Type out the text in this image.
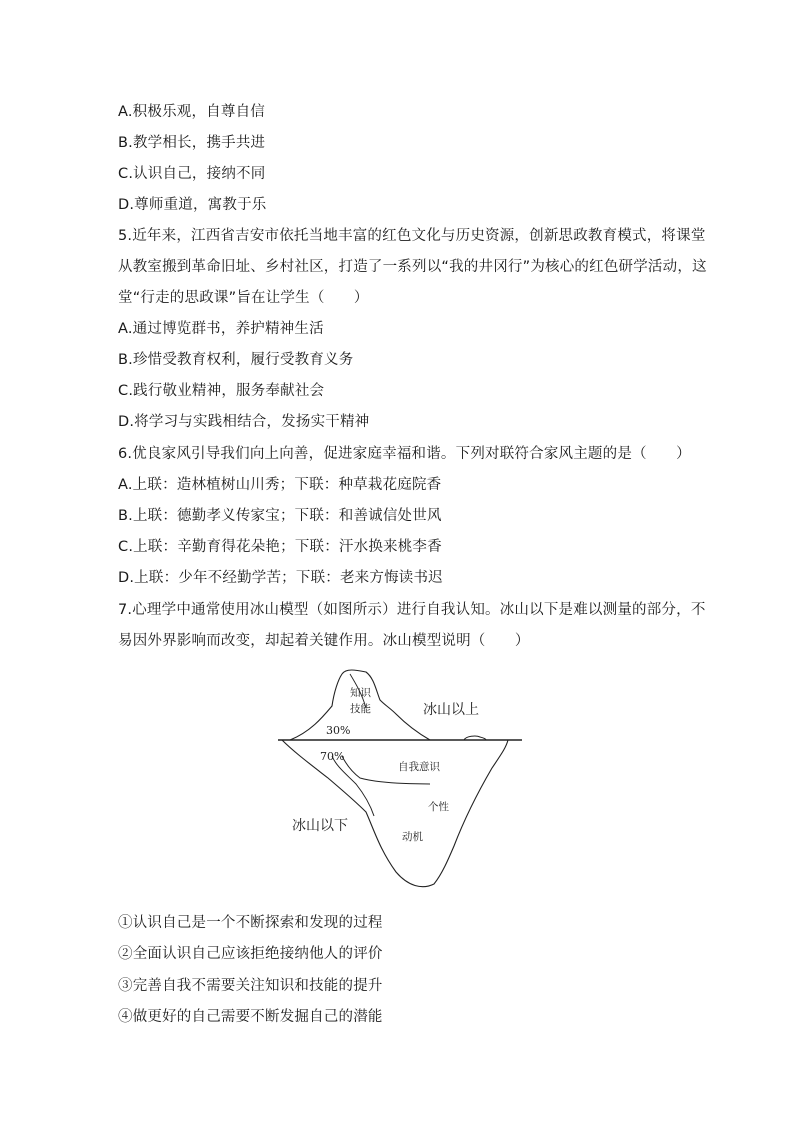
A.积极乐观，自尊自信
B.教学相长，携手共进
C.认识自己，接纳不同
D.尊师重道，寓教于乐
5.近年来，江西省吉安市依托当地丰富的红色文化与历史资源，创新思政教育模式，将课堂
从教室搬到革命旧址、乡村社区，打造了一系列以“我的井冈行”为核心的红色研学活动，这
堂“行走的思政课”旨在让学生（　　）
A.通过博览群书，养护精神生活
B.珍惜受教育权利，履行受教育义务
C.践行敬业精神，服务奉献社会
D.将学习与实践相结合，发扬实干精神
6.优良家风引导我们向上向善，促进家庭幸福和谐。下列对联符合家风主题的是（　　）
A.上联：造林植树山川秀；下联：种草栽花庭院香
B.上联：德勤孝义传家宝；下联：和善诚信处世风
C.上联：辛勤育得花朵艳；下联：汗水换来桃李香
D.上联：少年不经勤学苦；下联：老来方悔读书迟
7.心理学中通常使用冰山模型（如图所示）进行自我认知。冰山以下是难以测量的部分，不
易因外界影响而改变，却起着关键作用。冰山模型说明（　　）
知识
技能
30%
冰山以上
70%
自我意识
个性
冰山以下
动机
①认识自己是一个不断探索和发现的过程
②全面认识自己应该拒绝接纳他人的评价
③完善自我不需要关注知识和技能的提升
④做更好的自己需要不断发掘自己的潜能
